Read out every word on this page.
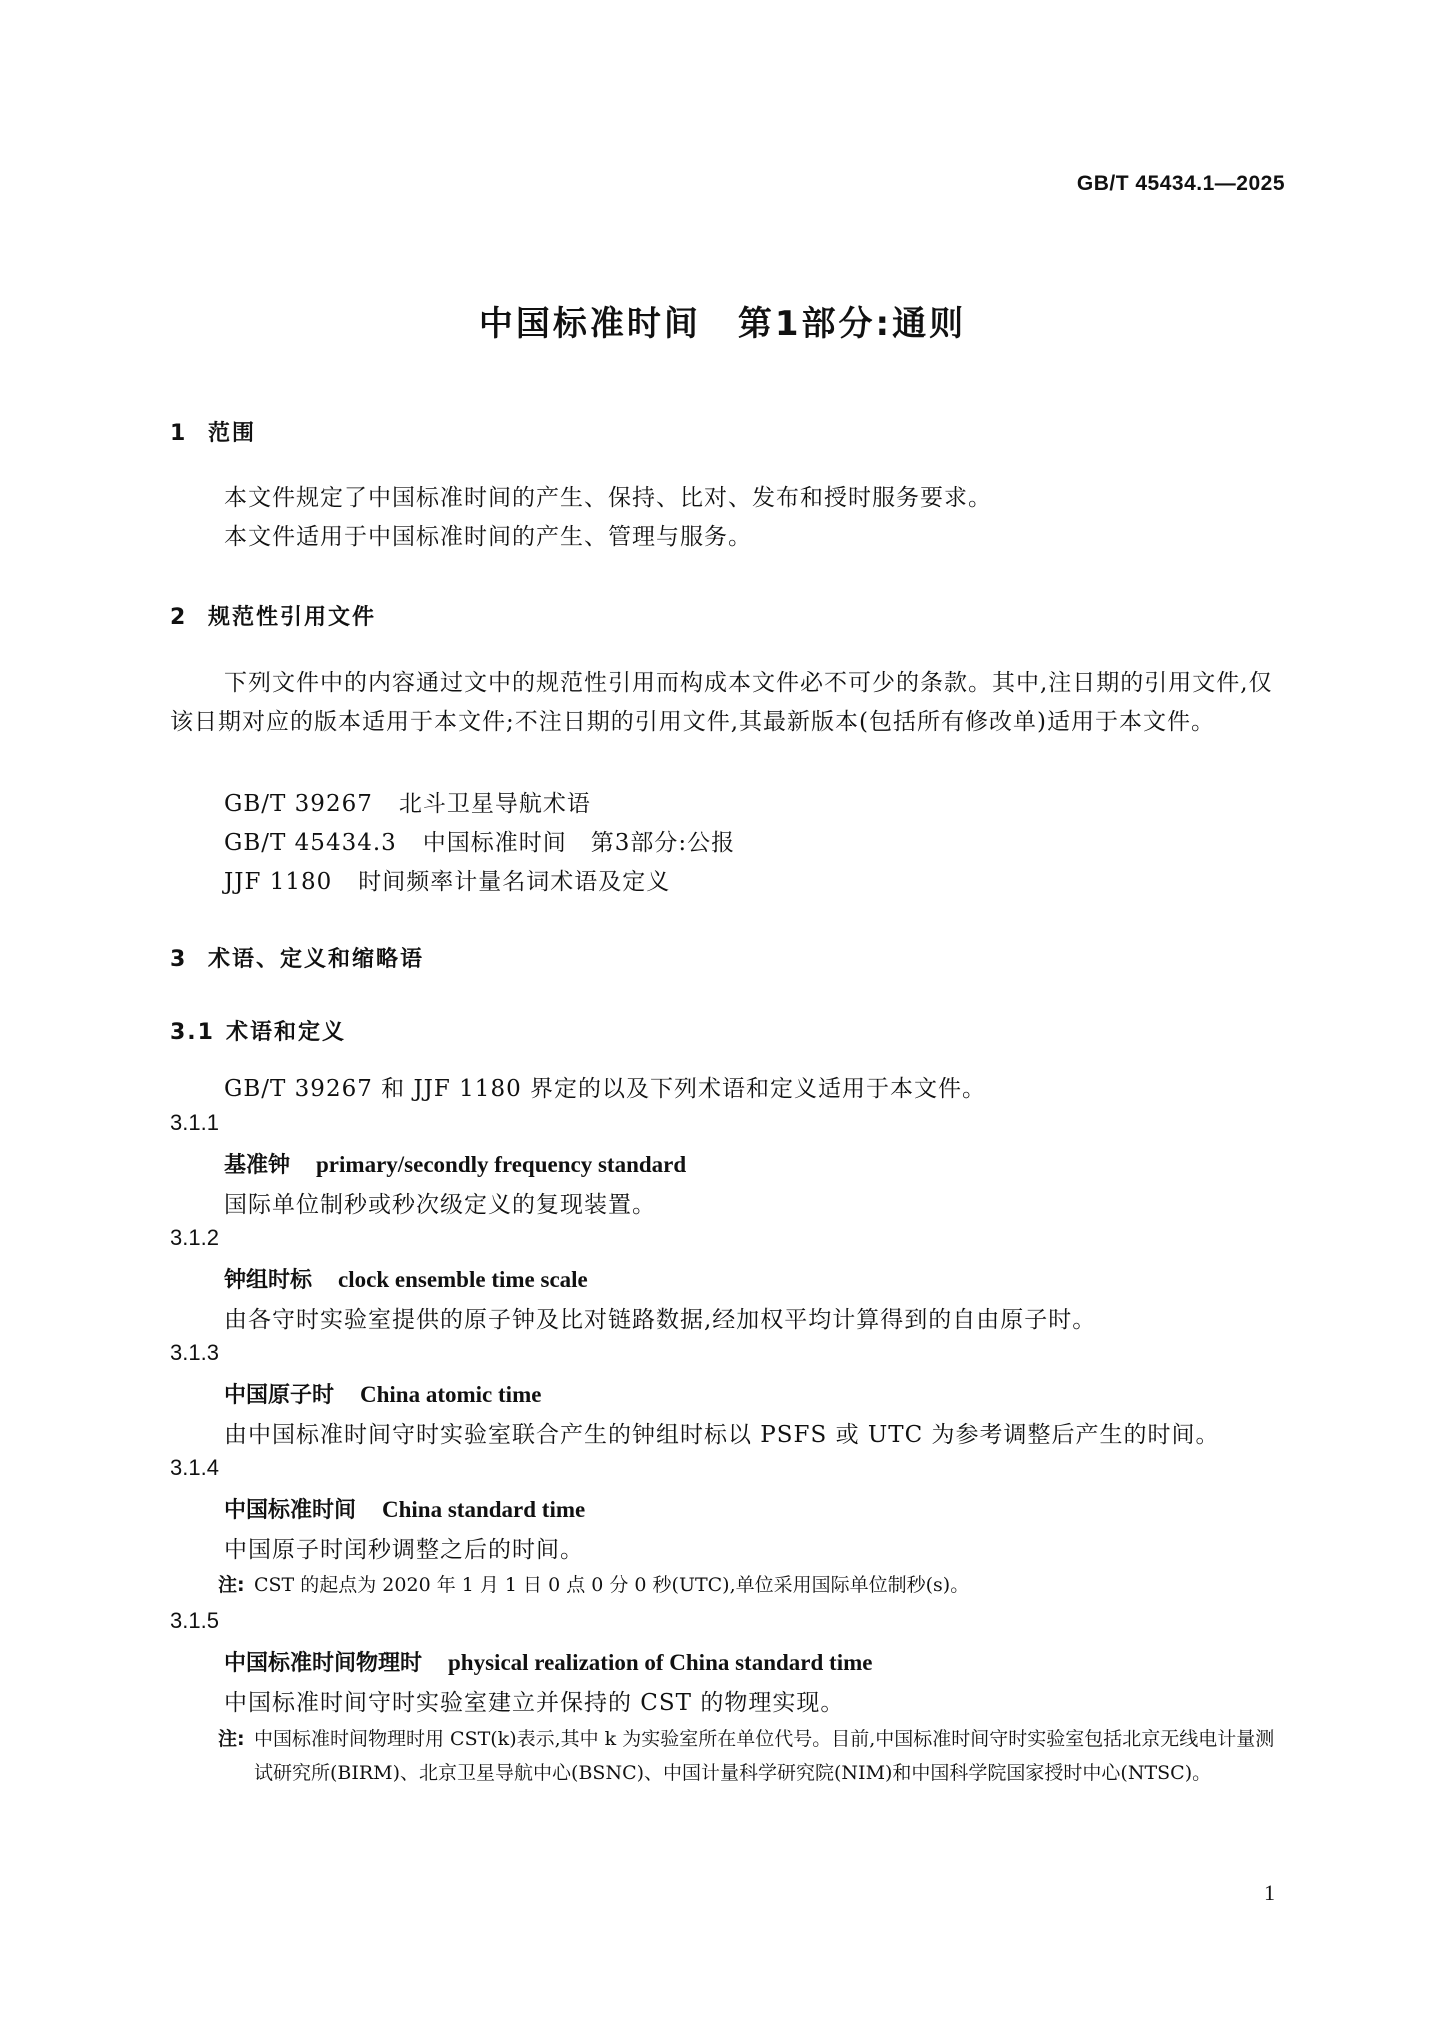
GB/T 45434.1—2025
中国标准时间　第1部分:通则
1 范围
本文件规定了中国标准时间的产生、保持、比对、发布和授时服务要求。
本文件适用于中国标准时间的产生、管理与服务。
2 规范性引用文件
下列文件中的内容通过文中的规范性引用而构成本文件必不可少的条款。其中,注日期的引用文件,仅该日期对应的版本适用于本文件;不注日期的引用文件,其最新版本(包括所有修改单)适用于本文件。
GB/T 39267 北斗卫星导航术语
GB/T 45434.3 中国标准时间　第3部分:公报
JJF 1180 时间频率计量名词术语及定义
3 术语、定义和缩略语
3.1 术语和定义
GB/T 39267 和 JJF 1180 界定的以及下列术语和定义适用于本文件。
3.1.1
基准钟 primary/secondly frequency standard
国际单位制秒或秒次级定义的复现装置。
3.1.2
钟组时标 clock ensemble time scale
由各守时实验室提供的原子钟及比对链路数据,经加权平均计算得到的自由原子时。
3.1.3
中国原子时 China atomic time
由中国标准时间守时实验室联合产生的钟组时标以 PSFS 或 UTC 为参考调整后产生的时间。
3.1.4
中国标准时间 China standard time
中国原子时闰秒调整之后的时间。
注: CST 的起点为 2020 年 1 月 1 日 0 点 0 分 0 秒(UTC),单位采用国际单位制秒(s)。
3.1.5
中国标准时间物理时 physical realization of China standard time
中国标准时间守时实验室建立并保持的 CST 的物理实现。
注: 中国标准时间物理时用 CST(k)表示,其中 k 为实验室所在单位代号。目前,中国标准时间守时实验室包括北京无线电计量测试研究所(BIRM)、北京卫星导航中心(BSNC)、中国计量科学研究院(NIM)和中国科学院国家授时中心(NTSC)。
1
